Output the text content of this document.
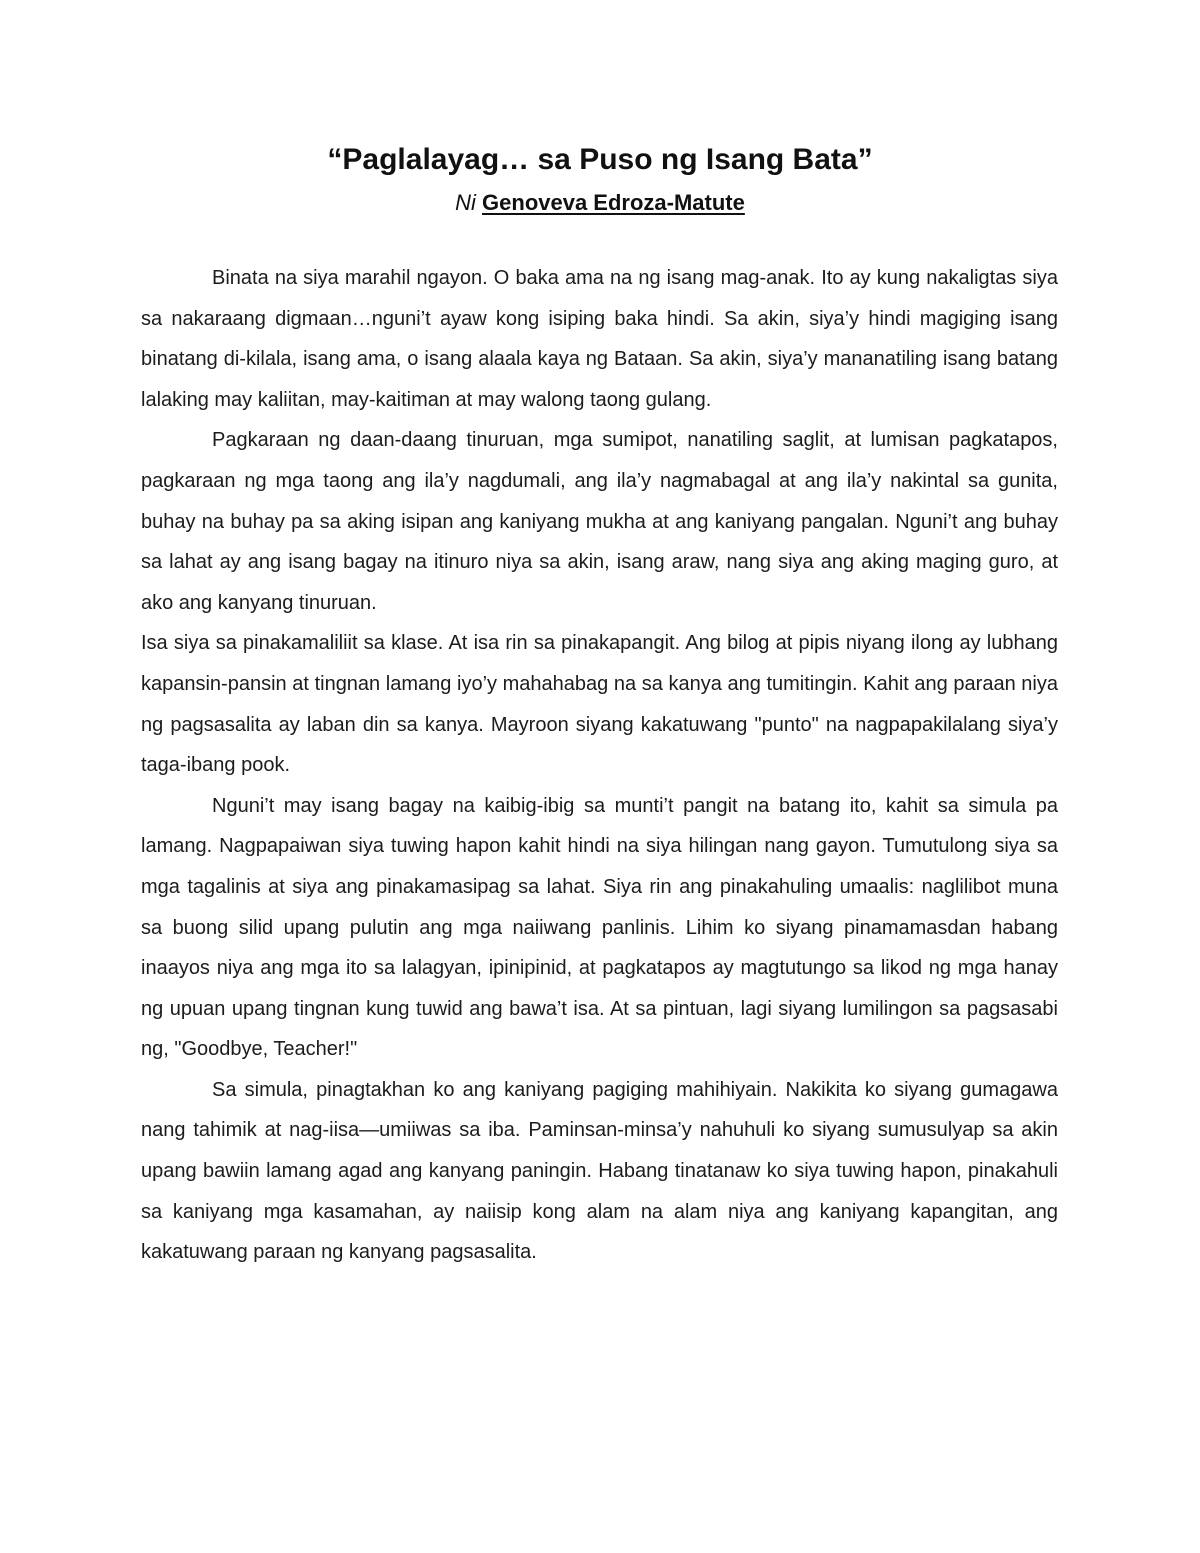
“Paglalayag… sa Puso ng Isang Bata”
Ni Genoveva Edroza-Matute

Binata na siya marahil ngayon. O baka ama na ng isang mag-anak. Ito ay kung nakaligtas siya sa nakaraang digmaan…nguni’t ayaw kong isiping baka hindi. Sa akin, siya’y hindi magiging isang binatang di-kilala, isang ama, o isang alaala kaya ng Bataan. Sa akin, siya’y mananatiling isang batang lalaking may kaliitan, may-kaitiman at may walong taong gulang.

Pagkaraan ng daan-daang tinuruan, mga sumipot, nanatiling saglit, at lumisan pagkatapos, pagkaraan ng mga taong ang ila’y nagdumali, ang ila’y nagmabagal at ang ila’y nakintal sa gunita, buhay na buhay pa sa aking isipan ang kaniyang mukha at ang kaniyang pangalan. Nguni’t ang buhay sa lahat ay ang isang bagay na itinuro niya sa akin, isang araw, nang siya ang aking maging guro, at ako ang kanyang tinuruan.

Isa siya sa pinakamaliliit sa klase. At isa rin sa pinakapangit. Ang bilog at pipis niyang ilong ay lubhang kapansin-pansin at tingnan lamang iyo’y mahahabag na sa kanya ang tumitingin. Kahit ang paraan niya ng pagsasalita ay laban din sa kanya. Mayroon siyang kakatuwang "punto" na nagpapakilalang siya’y taga-ibang pook.

Nguni’t may isang bagay na kaibig-ibig sa munti’t pangit na batang ito, kahit sa simula pa lamang. Nagpapaiwan siya tuwing hapon kahit hindi na siya hilingan nang gayon. Tumutulong siya sa mga tagalinis at siya ang pinakamasipag sa lahat. Siya rin ang pinakahuling umaalis: naglilibot muna sa buong silid upang pulutin ang mga naiiwang panlinis. Lihim ko siyang pinamamasdan habang inaayos niya ang mga ito sa lalagyan, ipinipinid, at pagkatapos ay magtutungo sa likod ng mga hanay ng upuan upang tingnan kung tuwid ang bawa’t isa. At sa pintuan, lagi siyang lumilingon sa pagsasabi ng, "Goodbye, Teacher!"

Sa simula, pinagtakhan ko ang kaniyang pagiging mahihiyain. Nakikita ko siyang gumagawa nang tahimik at nag-iisa—umiiwas sa iba. Paminsan-minsa’y nahuhuli ko siyang sumusulyap sa akin upang bawiin lamang agad ang kanyang paningin. Habang tinatanaw ko siya tuwing hapon, pinakahuli sa kaniyang mga kasamahan, ay naiisip kong alam na alam niya ang kaniyang kapangitan, ang kakatuwang paraan ng kanyang pagsasalita.
